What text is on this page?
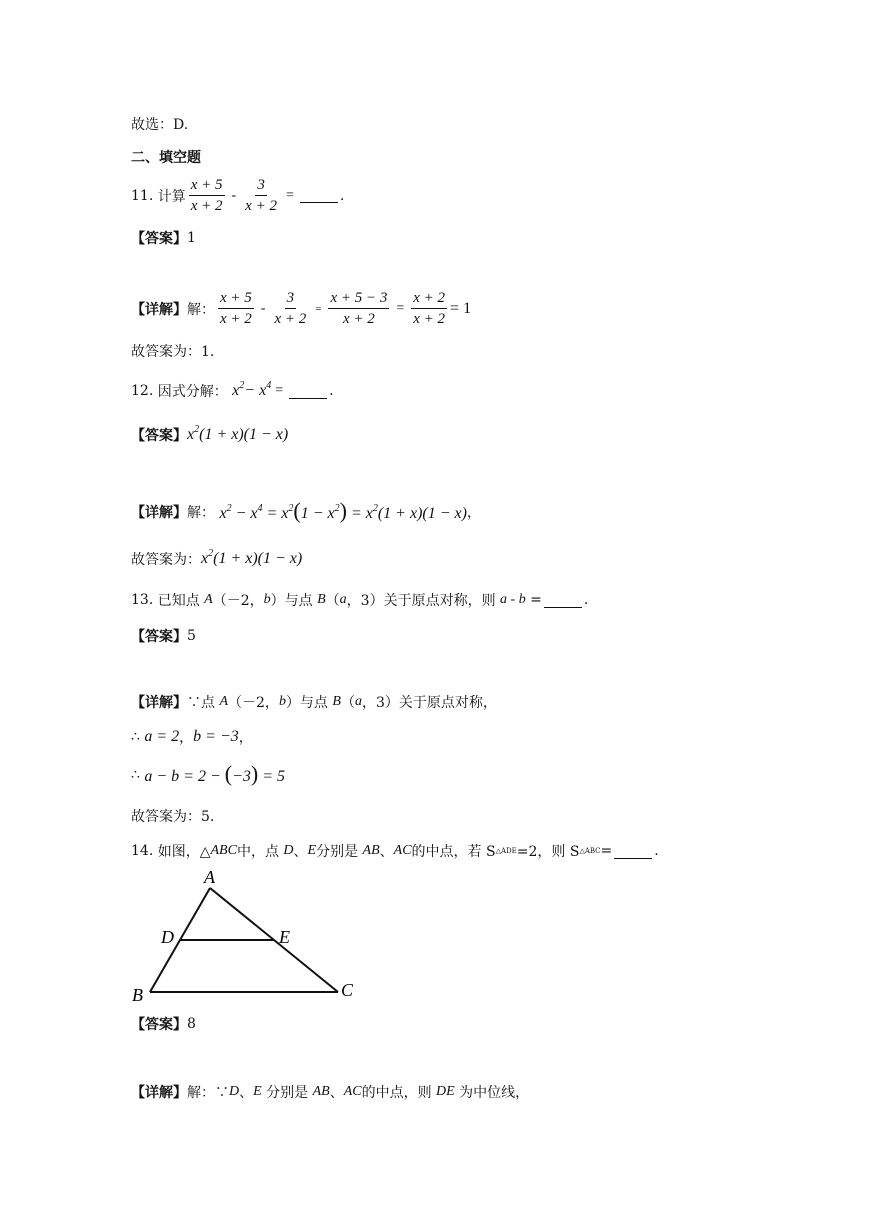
故选：D.
二、填空题
11.
计算 $\frac{x + 5}{x + 2} - \frac{3}{x + 2}$ =	.
【答案】 1
【详解】 解： $\frac{x + 5}{x + 2} - \frac{3}{x + 2} = \frac{x + 5 - 3}{x + 2} = \frac{x + 2}{x + 2} = 1$
故答案为：1.
12.
因式分解：
$x^2- x^4$ =	.
【答案】 $x^2(1 + x)(1 - x)$
【详解】 解：
$x^2 - x^4 = x^2(1 - x^2) = x^2(1 + x)(1 - x)$ ，
故答案为： $x^2(1 + x)(1 - x)$
13.
已知点
A （－2， b ）与点
B （ a ，3）关于原点对称，则
a - b
=	.
【答案】 5
【详解】 ∵点
A （－2， b ）与点
B （ a ，3）关于原点对称，
∴
a = 2 ， b = −3 ，
∴
a − b = 2 − (−3) = 5
故答案为：5.
14.
如图，△ ABC 中，点
D 、 E 分别是
AB 、 AC 的中点，若 S △ADE =2，则 S △ABC =	.
A
B	C
D	E
【答案】 8
【详解】 解：∵ D 、 E
分别是
AB 、 AC 的中点，则
DE
为中位线，
